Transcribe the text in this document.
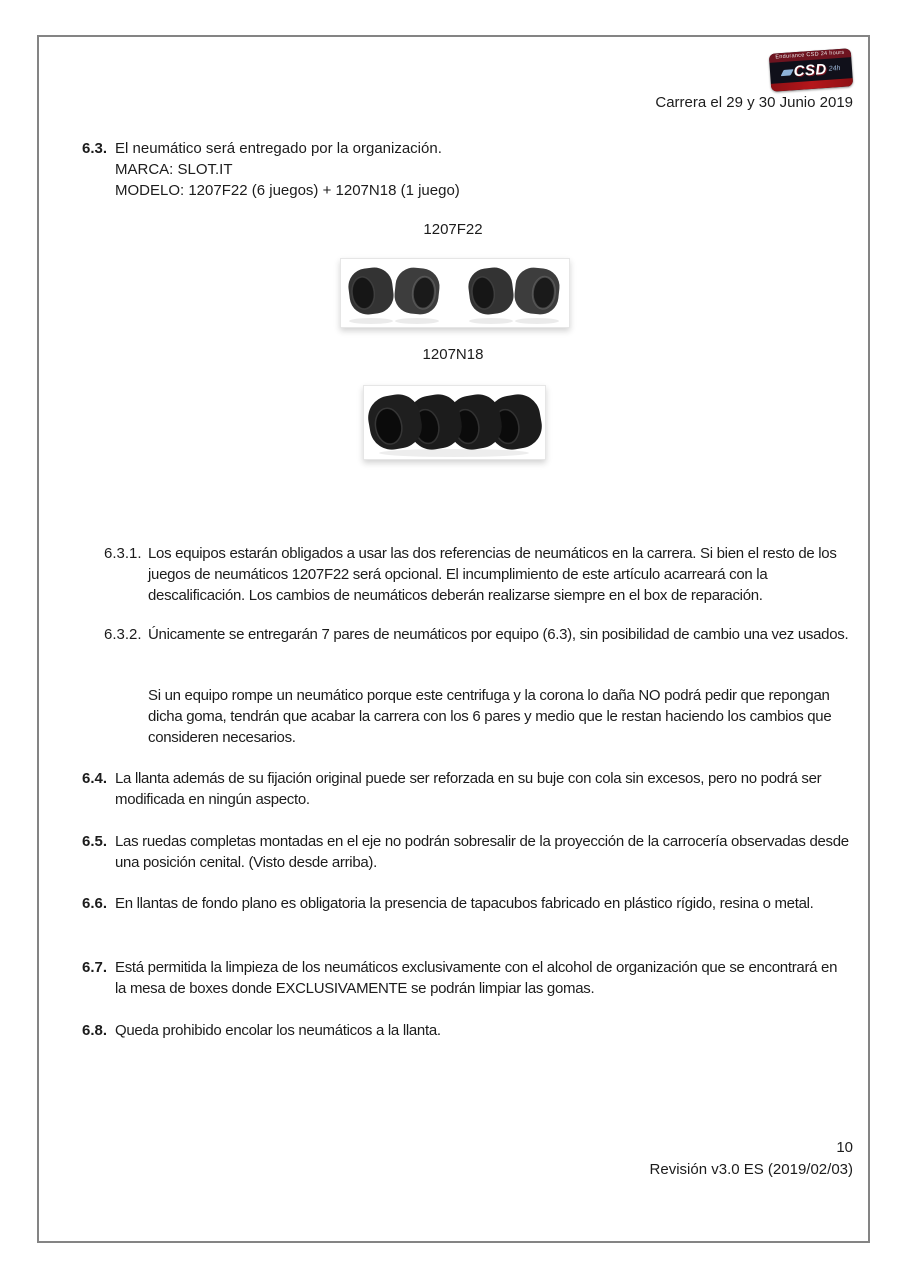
Endurance CSD 24 hours
CSD 24h
Carrera el 29 y 30 Junio 2019
6.3. El neumático será entregado por la organización.
MARCA: SLOT.IT
MODELO: 1207F22 (6 juegos) + 1207N18 (1 juego)
1207F22
1207N18
6.3.1. Los equipos estarán obligados a usar las dos referencias de neumáticos en la carrera. Si bien el resto de los juegos de neumáticos 1207F22 será opcional. El incumplimiento de este artículo acarreará con la descalificación. Los cambios de neumáticos deberán realizarse siempre en el box de reparación.
6.3.2. Únicamente se entregarán 7 pares de neumáticos por equipo (6.3), sin posibilidad de cambio una vez usados.
Si un equipo rompe un neumático porque este centrifuga y la corona lo daña NO podrá pedir que repongan dicha goma, tendrán que acabar la carrera con los 6 pares y medio que le restan haciendo los cambios que consideren necesarios.
6.4. La llanta además de su fijación original puede ser reforzada en su buje con cola sin excesos, pero no podrá ser modificada en ningún aspecto.
6.5. Las ruedas completas montadas en el eje no podrán sobresalir de la proyección de la carrocería observadas desde una posición cenital. (Visto desde arriba).
6.6. En llantas de fondo plano es obligatoria la presencia de tapacubos fabricado en plástico rígido, resina o metal.
6.7. Está permitida la limpieza de los neumáticos exclusivamente con el alcohol de organización que se encontrará en la mesa de boxes donde EXCLUSIVAMENTE se podrán limpiar las gomas.
6.8. Queda prohibido encolar los neumáticos a la llanta.
10
Revisión v3.0 ES (2019/02/03)
